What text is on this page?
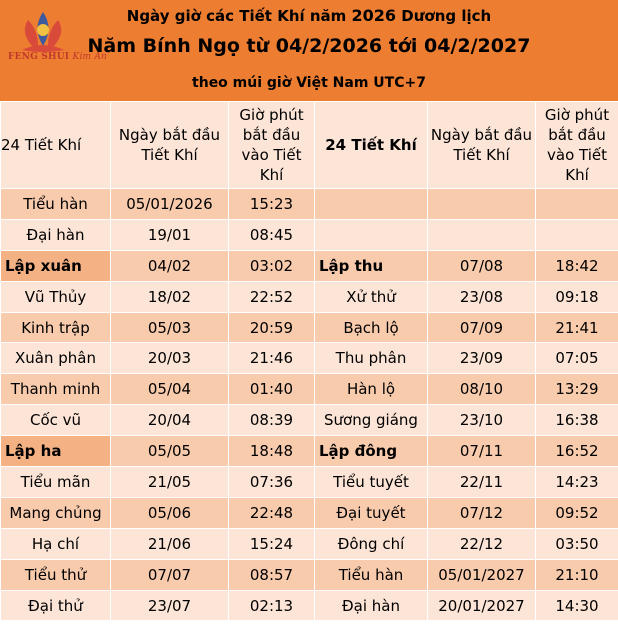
FENG SHUI Kim An
Ngày giờ các Tiết Khí năm 2026 Dương lịch
Năm Bính Ngọ từ 04/2/2026 tới 04/2/2027
theo múi giờ Việt Nam UTC+7
24 Tiết Khí	Ngày bắt đầu Tiết Khí	Giờ phút bắt đầu vào Tiết Khí	24 Tiết Khí	Ngày bắt đầu Tiết Khí	Giờ phút bắt đầu vào Tiết Khí
Tiểu hàn	05/01/2026	15:23			
Đại hàn	19/01	08:45			
Lập xuân	04/02	03:02	Lập thu	07/08	18:42
Vũ Thủy	18/02	22:52	Xử thử	23/08	09:18
Kinh trập	05/03	20:59	Bạch lộ	07/09	21:41
Xuân phân	20/03	21:46	Thu phân	23/09	07:05
Thanh minh	05/04	01:40	Hàn lộ	08/10	13:29
Cốc vũ	20/04	08:39	Sương giáng	23/10	16:38
Lập ha	05/05	18:48	Lập đông	07/11	16:52
Tiểu mãn	21/05	07:36	Tiểu tuyết	22/11	14:23
Mang chủng	05/06	22:48	Đại tuyết	07/12	09:52
Hạ chí	21/06	15:24	Đông chí	22/12	03:50
Tiểu thử	07/07	08:57	Tiểu hàn	05/01/2027	21:10
Đại thử	23/07	02:13	Đại hàn	20/01/2027	14:30
